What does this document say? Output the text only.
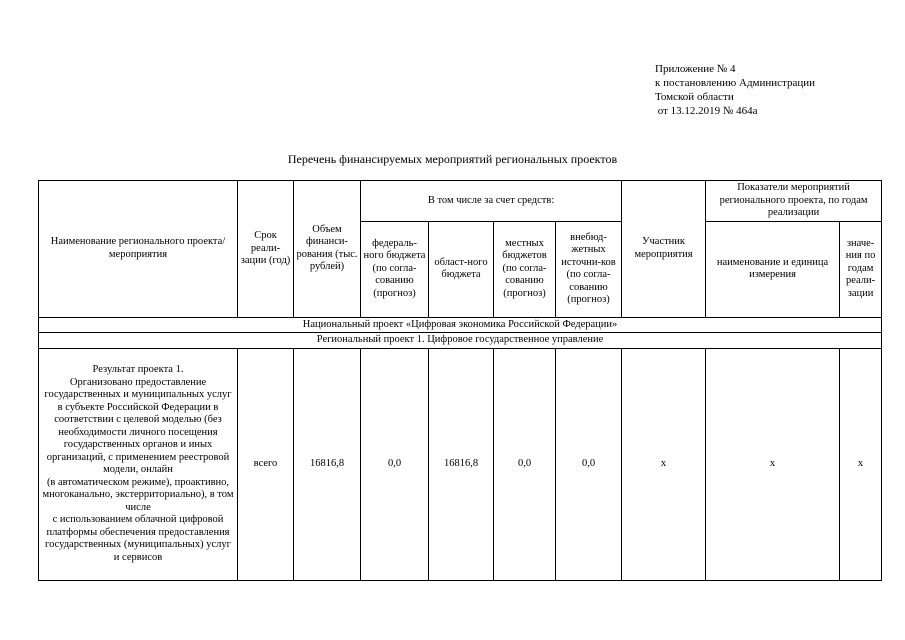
Приложение № 4
к постановлению Администрации
Томской области
от 13.12.2019 № 464а
Перечень финансируемых мероприятий региональных проектов
Наименование регионального проекта/ мероприятия	Срок реали-зации (год)	Объем финанси-рования (тыс. рублей)	В том числе за счет средств:				Участник мероприятия	Показатели мероприятий регионального проекта, по годам реализации	
			федераль-ного бюджета (по согла-сованию (прогноз)	област-ного бюджета	местных бюджетов (по согла-сованию (прогноз)	внебюд-жетных источни-ков (по согла-сованию (прогноз)		наименование и единица измерения	значе-ния по годам реали-зации
Национальный проект «Цифровая экономика Российской Федерации»									
Региональный проект 1. Цифровое государственное управление									
Результат проекта 1.
Организовано предоставление государственных и муниципальных услуг в субъекте Российской Федерации в соответствии с целевой моделью (без необходимости личного посещения государственных органов и иных организаций, с применением реестровой модели, онлайн
(в автоматическом режиме), проактивно, многоканально, экстерриториально), в том числе
с использованием облачной цифровой платформы обеспечения предоставления государственных (муниципальных) услуг и сервисов	всего	16816,8	0,0	16816,8	0,0	0,0	х	х	х
